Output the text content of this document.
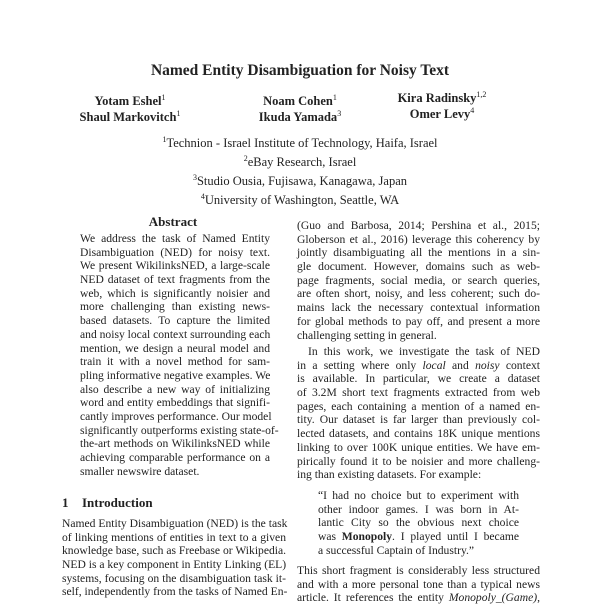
Named Entity Disambiguation for Noisy Text
Yotam Eshel$^1$
Shaul Markovitch$^1$
Noam Cohen$^1$
Ikuda Yamada$^3$
Kira Radinsky$^{1,2}$
Omer Levy$^4$
$^1$Technion - Israel Institute of Technology, Haifa, Israel
$^2$eBay Research, Israel
$^3$Studio Ousia, Fujisawa, Kanagawa, Japan
$^4$University of Washington, Seattle, WA
Abstract
We address the task of Named Entity
Disambiguation (NED) for noisy text.
We present WikilinksNED, a large-scale
NED dataset of text fragments from the
web, which is significantly noisier and
more challenging than existing news-
based datasets. To capture the limited
and noisy local context surrounding each
mention, we design a neural model and
train it with a novel method for sam-
pling informative negative examples. We
also describe a new way of initializing
word and entity embeddings that signifi-
cantly improves performance. Our model
significantly outperforms existing state-of-
the-art methods on WikilinksNED while
achieving comparable performance on a
smaller newswire dataset.
1 Introduction
Named Entity Disambiguation (NED) is the task
of linking mentions of entities in text to a given
knowledge base, such as Freebase or Wikipedia.
NED is a key component in Entity Linking (EL)
systems, focusing on the disambiguation task it-
self, independently from the tasks of Named En-
(Guo and Barbosa, 2014; Pershina et al., 2015;
Globerson et al., 2016) leverage this coherency by
jointly disambiguating all the mentions in a sin-
gle document. However, domains such as web-
page fragments, social media, or search queries,
are often short, noisy, and less coherent; such do-
mains lack the necessary contextual information
for global methods to pay off, and present a more
challenging setting in general.
In this work, we investigate the task of NED
in a setting where only local and noisy context
is available. In particular, we create a dataset
of 3.2M short text fragments extracted from web
pages, each containing a mention of a named en-
tity. Our dataset is far larger than previously col-
lected datasets, and contains 18K unique mentions
linking to over 100K unique entities. We have em-
pirically found it to be noisier and more challeng-
ing than existing datasets. For example:
“I had no choice but to experiment with
other indoor games. I was born in At-
lantic City so the obvious next choice
was Monopoly. I played until I became
a successful Captain of Industry.”
This short fragment is considerably less structured
and with a more personal tone than a typical news
article. It references the entity Monopoly_(Game),
